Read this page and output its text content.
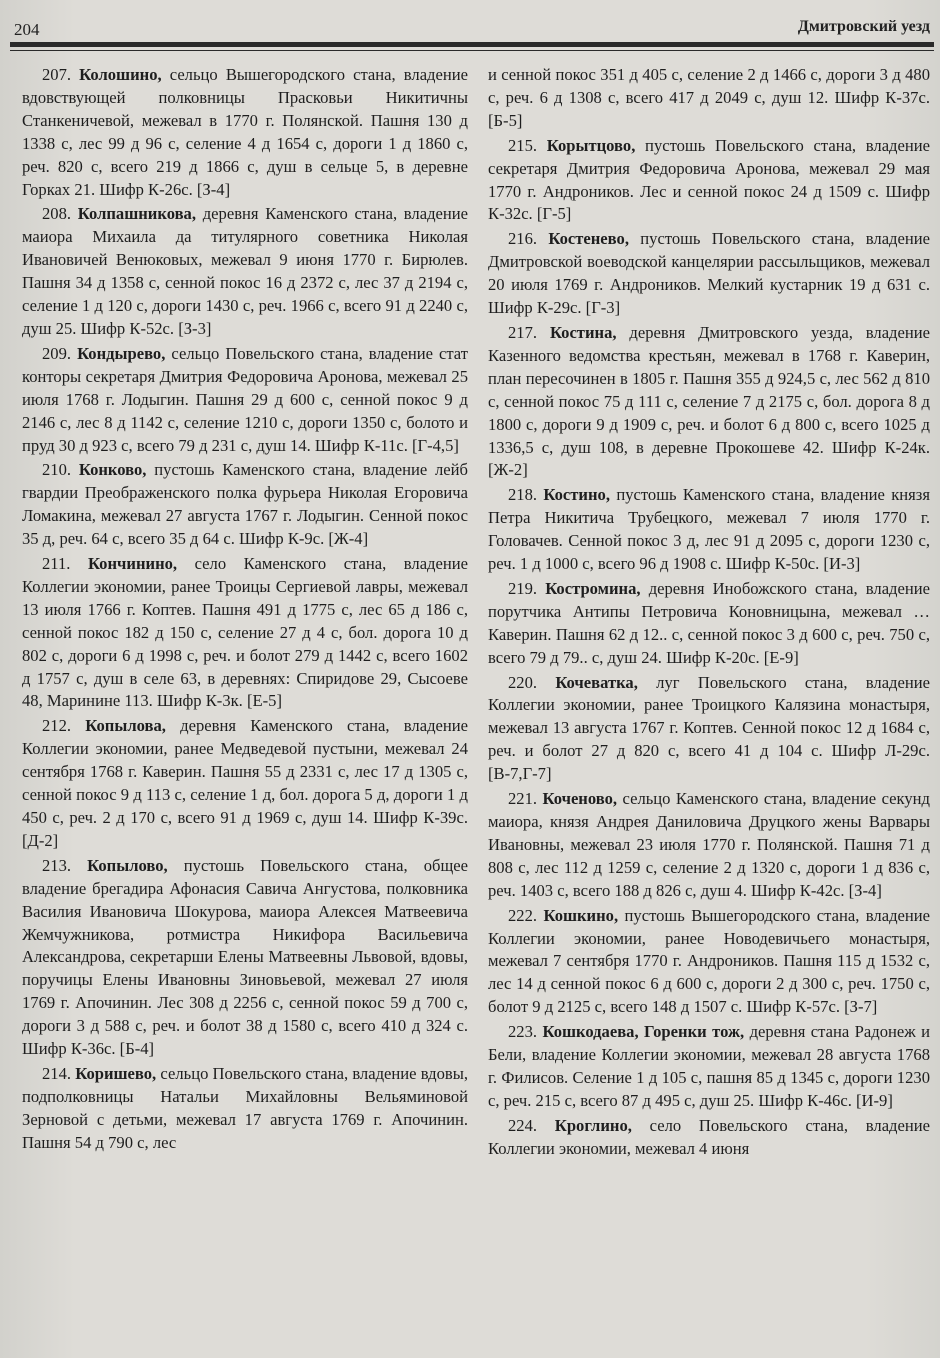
204	Дмитровский уезд

207. Колошино, сельцо Вышегородского стана, владение вдовствующей полковницы Прасковьи Никитичны Станкеничевой, межевал в 1770 г. Полянской. Пашня 130 д 1338 с, лес 99 д 96 с, селение 4 д 1654 с, дороги 1 д 1860 с, реч. 820 с, всего 219 д 1866 с, душ в сельце 5, в деревне Горках 21. Шифр К-26с. [З-4]

208. Колпашникова, деревня Каменского стана, владение маиора Михаила да титулярного советника Николая Ивановичей Венюковых, межевал 9 июня 1770 г. Бирюлев. Пашня 34 д 1358 с, сенной покос 16 д 2372 с, лес 37 д 2194 с, селение 1 д 120 с, дороги 1430 с, реч. 1966 с, всего 91 д 2240 с, душ 25. Шифр К-52с. [З-3]

209. Кондырево, сельцо Повельского стана, владение стат конторы секретаря Дмитрия Федоровича Аронова, межевал 25 июля 1768 г. Лодыгин. Пашня 29 д 600 с, сенной покос 9 д 2146 с, лес 8 д 1142 с, селение 1210 с, дороги 1350 с, болото и пруд 30 д 923 с, всего 79 д 231 с, душ 14. Шифр К-11с. [Г-4,5]

210. Конково, пустошь Каменского стана, владение лейб гвардии Преображенского полка фурьера Николая Егоровича Ломакина, межевал 27 августа 1767 г. Лодыгин. Сенной покос 35 д, реч. 64 с, всего 35 д 64 с. Шифр К-9с. [Ж-4]

211. Кончинино, село Каменского стана, владение Коллегии экономии, ранее Троицы Сергиевой лавры, межевал 13 июля 1766 г. Коптев. Пашня 491 д 1775 с, лес 65 д 186 с, сенной покос 182 д 150 с, селение 27 д 4 с, бол. дорога 10 д 802 с, дороги 6 д 1998 с, реч. и болот 279 д 1442 с, всего 1602 д 1757 с, душ в селе 63, в деревнях: Спиридове 29, Сысоеве 48, Маринине 113. Шифр К-3к. [Е-5]

212. Копылова, деревня Каменского стана, владение Коллегии экономии, ранее Медведевой пустыни, межевал 24 сентября 1768 г. Каверин. Пашня 55 д 2331 с, лес 17 д 1305 с, сенной покос 9 д 113 с, селение 1 д, бол. дорога 5 д, дороги 1 д 450 с, реч. 2 д 170 с, всего 91 д 1969 с, душ 14. Шифр К-39с. [Д-2]

213. Копылово, пустошь Повельского стана, общее владение брегадира Афонасия Савича Ангустова, полковника Василия Ивановича Шокурова, маиора Алексея Матвеевича Жемчужникова, ротмистра Никифора Васильевича Александрова, секретарши Елены Матвеевны Львовой, вдовы, поручицы Елены Ивановны Зиновьевой, межевал 27 июля 1769 г. Апочинин. Лес 308 д 2256 с, сенной покос 59 д 700 с, дороги 3 д 588 с, реч. и болот 38 д 1580 с, всего 410 д 324 с. Шифр К-36с. [Б-4]

214. Коришево, сельцо Повельского стана, владение вдовы, подполковницы Натальи Михайловны Вельяминовой Зерновой с детьми, межевал 17 августа 1769 г. Апочинин. Пашня 54 д 790 с, лес

и сенной покос 351 д 405 с, селение 2 д 1466 с, дороги 3 д 480 с, реч. 6 д 1308 с, всего 417 д 2049 с, душ 12. Шифр К-37с. [Б-5]

215. Корытцово, пустошь Повельского стана, владение секретаря Дмитрия Федоровича Аронова, межевал 29 мая 1770 г. Андроников. Лес и сенной покос 24 д 1509 с. Шифр К-32с. [Г-5]

216. Костенево, пустошь Повельского стана, владение Дмитровской воеводской канцелярии рассыльщиков, межевал 20 июля 1769 г. Андроников. Мелкий кустарник 19 д 631 с. Шифр К-29с. [Г-3]

217. Костина, деревня Дмитровского уезда, владение Казенного ведомства крестьян, межевал в 1768 г. Каверин, план пересочинен в 1805 г. Пашня 355 д 924,5 с, лес 562 д 810 с, сенной покос 75 д 111 с, селение 7 д 2175 с, бол. дорога 8 д 1800 с, дороги 9 д 1909 с, реч. и болот 6 д 800 с, всего 1025 д 1336,5 с, душ 108, в деревне Прокошеве 42. Шифр К-24к. [Ж-2]

218. Костино, пустошь Каменского стана, владение князя Петра Никитича Трубецкого, межевал 7 июля 1770 г. Головачев. Сенной покос 3 д, лес 91 д 2095 с, дороги 1230 с, реч. 1 д 1000 с, всего 96 д 1908 с. Шифр К-50с. [И-3]

219. Костромина, деревня Инобожского стана, владение порутчика Антипы Петровича Коновницына, межевал … Каверин. Пашня 62 д 12.. с, сенной покос 3 д 600 с, реч. 750 с, всего 79 д 79.. с, душ 24. Шифр К-20с. [Е-9]

220. Кочеватка, луг Повельского стана, владение Коллегии экономии, ранее Троицкого Калязина монастыря, межевал 13 августа 1767 г. Коптев. Сенной покос 12 д 1684 с, реч. и болот 27 д 820 с, всего 41 д 104 с. Шифр Л-29с. [В-7,Г-7]

221. Коченово, сельцо Каменского стана, владение секунд маиора, князя Андрея Даниловича Друцкого жены Варвары Ивановны, межевал 23 июля 1770 г. Полянской. Пашня 71 д 808 с, лес 112 д 1259 с, селение 2 д 1320 с, дороги 1 д 836 с, реч. 1403 с, всего 188 д 826 с, душ 4. Шифр К-42с. [З-4]

222. Кошкино, пустошь Вышегородского стана, владение Коллегии экономии, ранее Новодевичьего монастыря, межевал 7 сентября 1770 г. Андроников. Пашня 115 д 1532 с, лес 14 д сенной покос 6 д 600 с, дороги 2 д 300 с, реч. 1750 с, болот 9 д 2125 с, всего 148 д 1507 с. Шифр К-57с. [З-7]

223. Кошкодаева, Горенки тож, деревня стана Радонеж и Бели, владение Коллегии экономии, межевал 28 августа 1768 г. Филисов. Селение 1 д 105 с, пашня 85 д 1345 с, дороги 1230 с, реч. 215 с, всего 87 д 495 с, душ 25. Шифр К-46с. [И-9]

224. Кроглино, село Повельского стана, владение Коллегии экономии, межевал 4 июня
